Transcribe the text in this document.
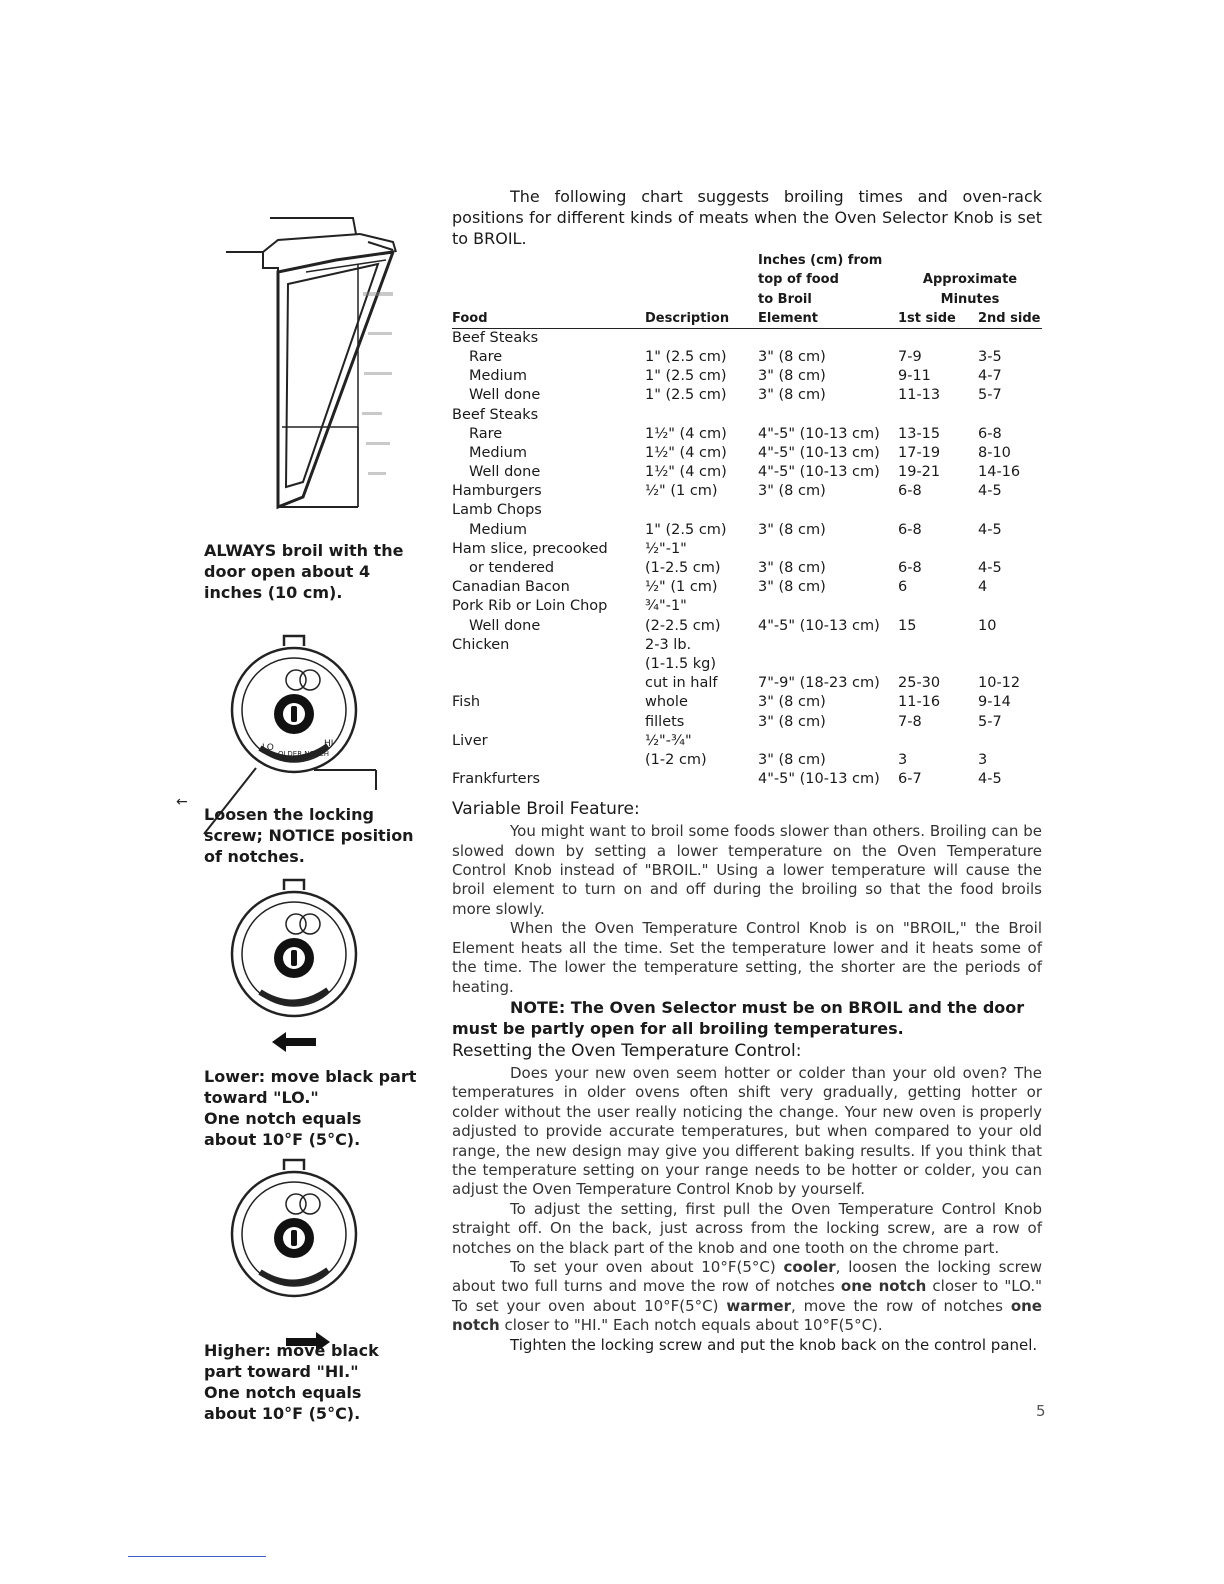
ALWAYS broil with the door open about 4 inches (10 cm).

LO
OLDER NOTCH
HI
←

Loosen the locking screw; NOTICE position of notches.

Lower: move black part toward "LO."

One notch equals about 10°F (5°C).

Higher: move black part toward "HI."

One notch equals about 10°F (5°C).

The following chart suggests broiling times and oven-rack positions for different kinds of meats when the Oven Selector Knob is set to BROIL.

		Inches (cm) from		
		top of food	Approximate	
		to Broil	Minutes	
Food	Description	Element	1st side	2nd side
Beef Steaks				
Rare	1" (2.5 cm)	3" (8 cm)	7-9	3-5
Medium	1" (2.5 cm)	3" (8 cm)	9-11	4-7
Well done	1" (2.5 cm)	3" (8 cm)	11-13	5-7
Beef Steaks				
Rare	1½" (4 cm)	4"-5" (10-13 cm)	13-15	6-8
Medium	1½" (4 cm)	4"-5" (10-13 cm)	17-19	8-10
Well done	1½" (4 cm)	4"-5" (10-13 cm)	19-21	14-16
Hamburgers	½" (1 cm)	3" (8 cm)	6-8	4-5
Lamb Chops				
Medium	1" (2.5 cm)	3" (8 cm)	6-8	4-5
Ham slice, precooked	½"-1"			
or tendered	(1-2.5 cm)	3" (8 cm)	6-8	4-5
Canadian Bacon	½" (1 cm)	3" (8 cm)	6	4
Pork Rib or Loin Chop	¾"-1"			
Well done	(2-2.5 cm)	4"-5" (10-13 cm)	15	10
Chicken	2-3 lb.			
	(1-1.5 kg)			
	cut in half	7"-9" (18-23 cm)	25-30	10-12
Fish	whole	3" (8 cm)	11-16	9-14
	fillets	3" (8 cm)	7-8	5-7
Liver	½"-¾"			
	(1-2 cm)	3" (8 cm)	3	3
Frankfurters		4"-5" (10-13 cm)	6-7	4-5
Variable Broil Feature:

You might want to broil some foods slower than others. Broiling can be slowed down by setting a lower temperature on the Oven Temperature Control Knob instead of "BROIL." Using a lower temperature will cause the broil element to turn on and off during the broiling so that the food broils more slowly.

When the Oven Temperature Control Knob is on "BROIL," the Broil Element heats all the time. Set the temperature lower and it heats some of the time. The lower the temperature setting, the shorter are the periods of heating.

NOTE: The Oven Selector must be on BROIL and the door must be partly open for all broiling temperatures.

Resetting the Oven Temperature Control:

Does your new oven seem hotter or colder than your old oven? The temperatures in older ovens often shift very gradually, getting hotter or colder without the user really noticing the change. Your new oven is properly adjusted to provide accurate temperatures, but when compared to your old range, the new design may give you different baking results. If you think that the temperature setting on your range needs to be hotter or colder, you can adjust the Oven Temperature Control Knob by yourself.

To adjust the setting, first pull the Oven Temperature Control Knob straight off. On the back, just across from the locking screw, are a row of notches on the black part of the knob and one tooth on the chrome part.

To set your oven about 10°F(5°C) cooler, loosen the locking screw about two full turns and move the row of notches one notch closer to "LO." To set your oven about 10°F(5°C) warmer, move the row of notches one notch closer to "HI." Each notch equals about 10°F(5°C).

Tighten the locking screw and put the knob back on the control panel.

5
